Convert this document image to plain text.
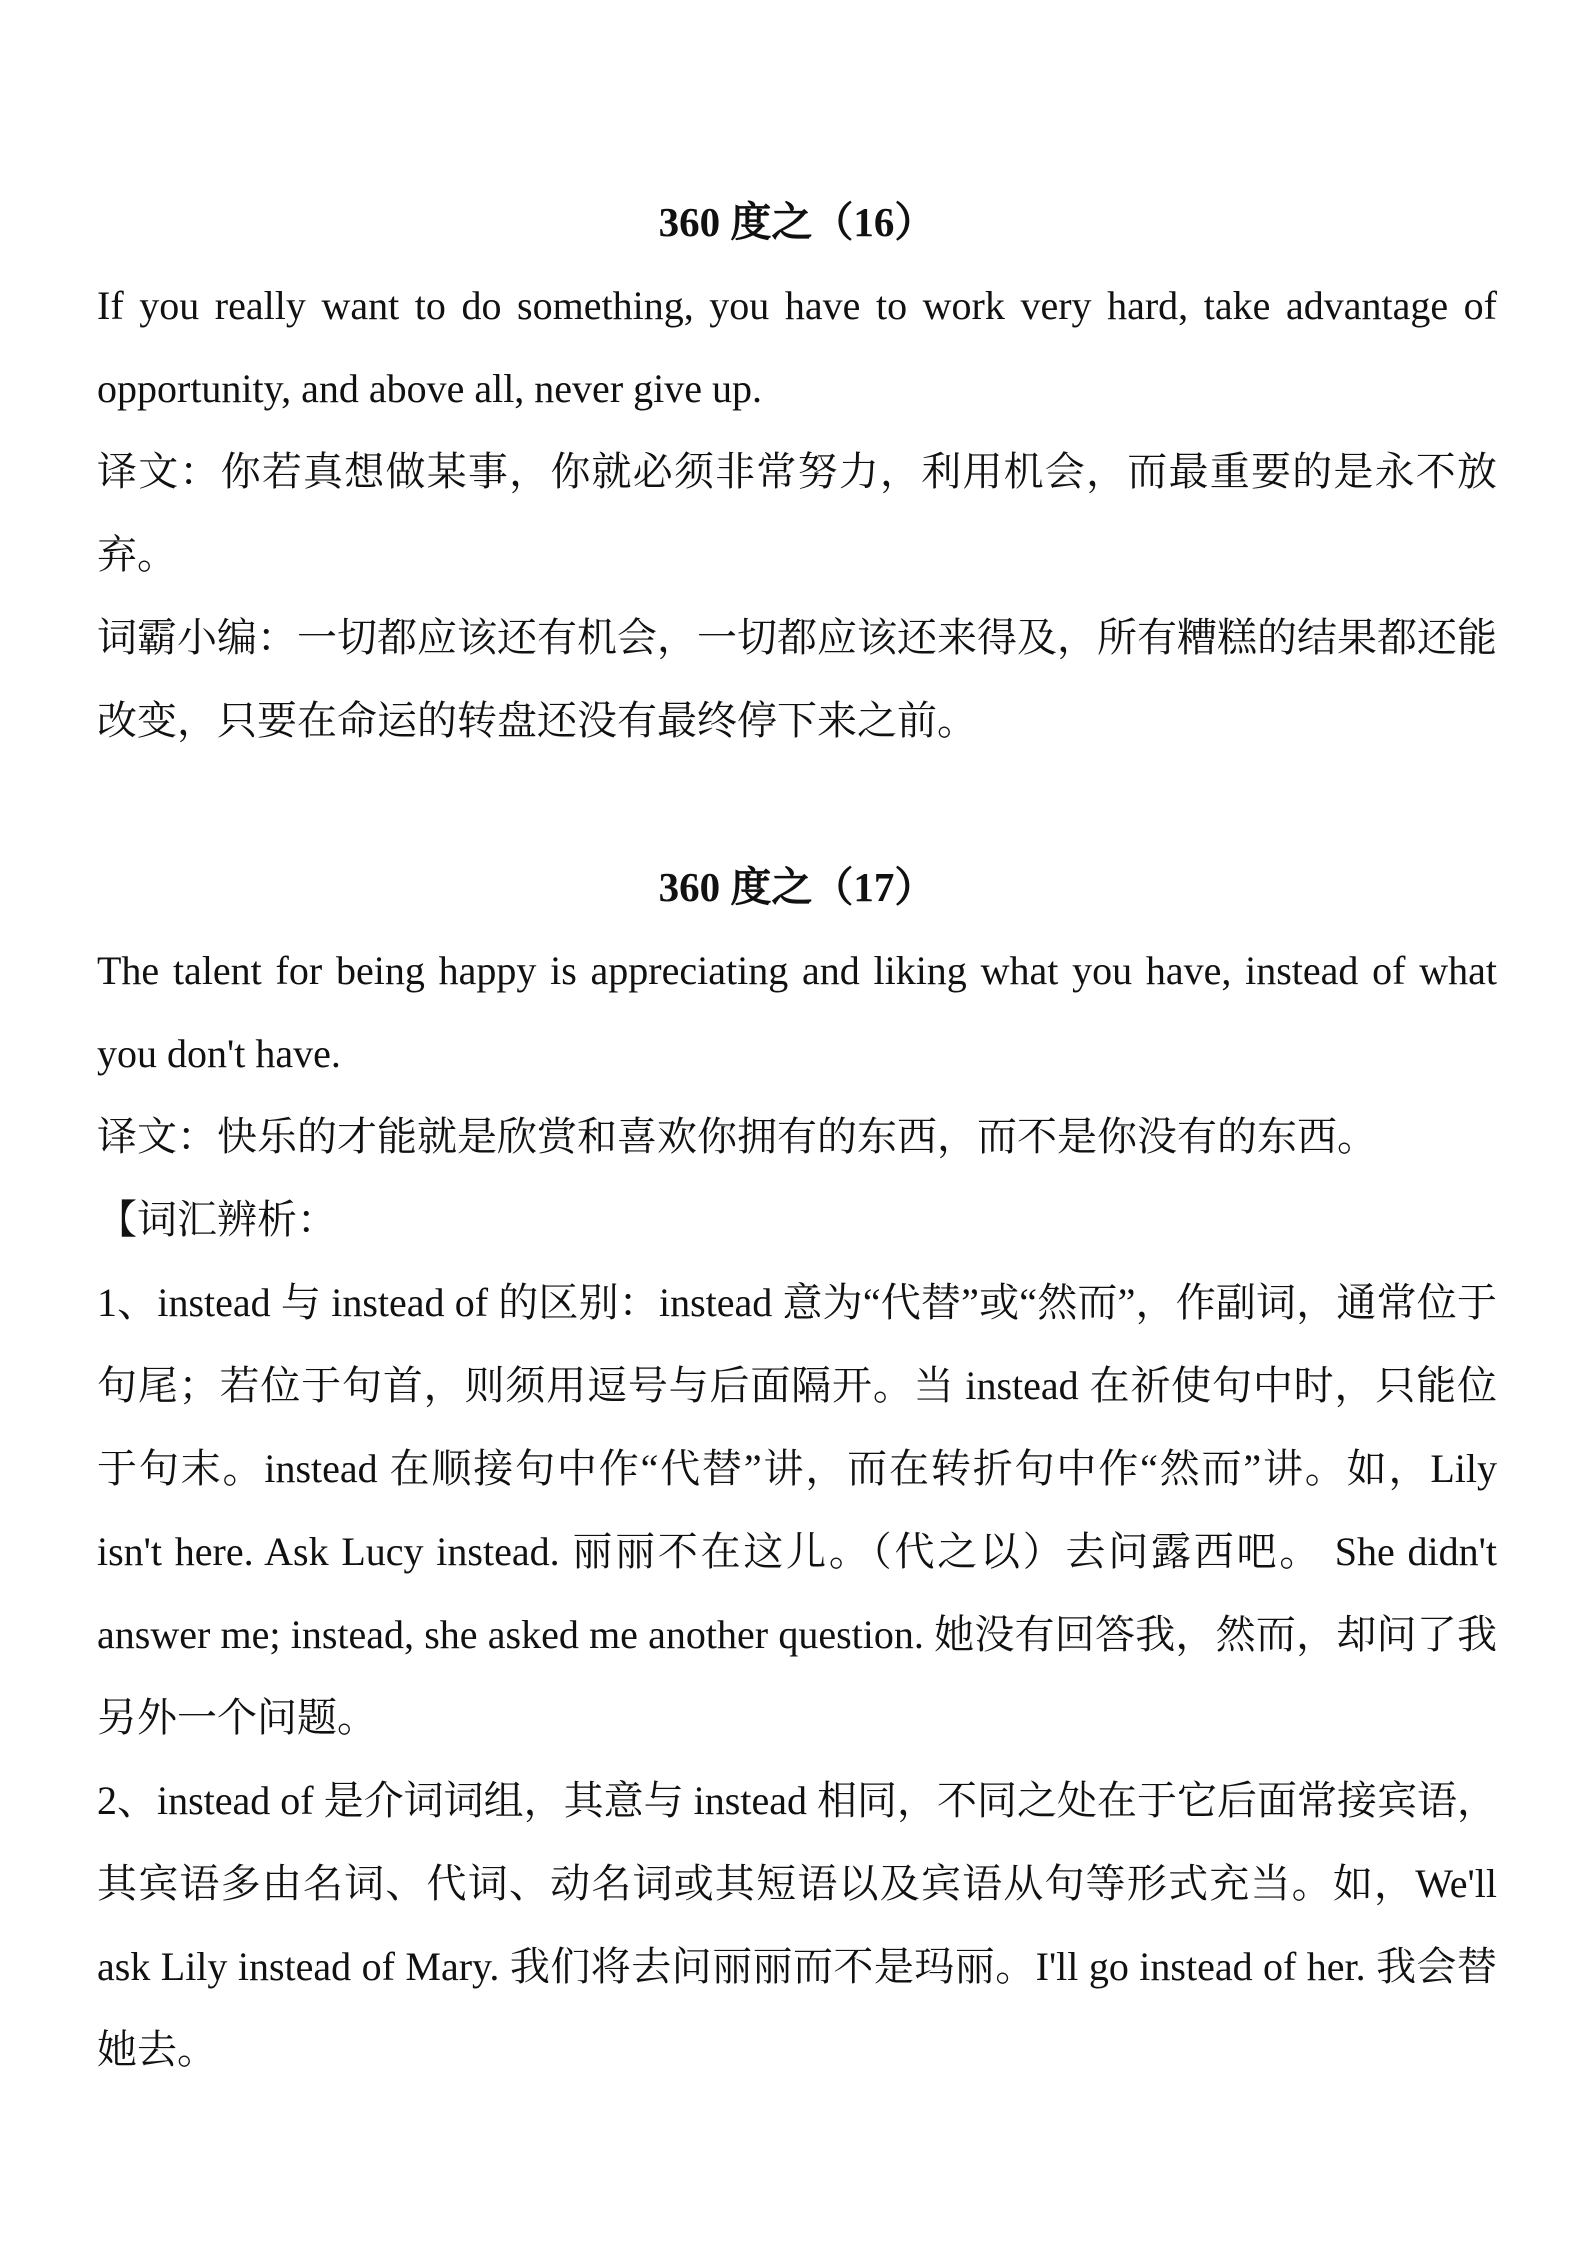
360 度之（16）

If you really want to do something, you have to work very hard, take advantage of opportunity, and above all, never give up.

译文：你若真想做某事，你就必须非常努力，利用机会，而最重要的是永不放弃。

词霸小编：一切都应该还有机会，一切都应该还来得及，所有糟糕的结果都还能改变，只要在命运的转盘还没有最终停下来之前。

360 度之（17）

The talent for being happy is appreciating and liking what you have, instead of what you don't have.

译文：快乐的才能就是欣赏和喜欢你拥有的东西，而不是你没有的东西。

【词汇辨析：

1、instead 与 instead of 的区别：instead 意为“代替”或“然而”，作副词，通常位于句尾；若位于句首，则须用逗号与后面隔开。当 instead 在祈使句中时，只能位于句末。instead 在顺接句中作“代替”讲，而在转折句中作“然而”讲。如，Lily isn't here. Ask Lucy instead. 丽丽不在这儿。（代之以）去问露西吧。 She didn't answer me; instead, she asked me another question. 她没有回答我，然而，却问了我另外一个问题。

2、instead of 是介词词组，其意与 instead 相同，不同之处在于它后面常接宾语，其宾语多由名词、代词、动名词或其短语以及宾语从句等形式充当。如，We'll ask Lily instead of Mary. 我们将去问丽丽而不是玛丽。I'll go instead of her. 我会替她去。
